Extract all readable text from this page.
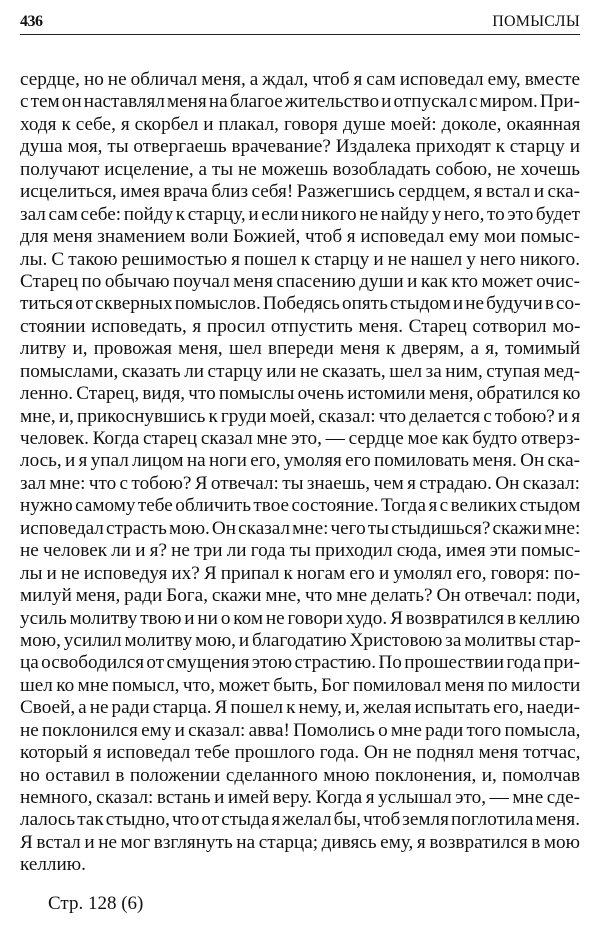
436	ПОМЫСЛЫ
сердце, но не обличал меня, а ждал, чтоб я сам исповедал ему, вместе
с тем он наставлял меня на благое жительство и отпускал с миром. При-
ходя к себе, я скорбел и плакал, говоря душе моей: доколе, окаянная
душа моя, ты отвергаешь врачевание? Издалека приходят к старцу и
получают исцеление, а ты не можешь возобладать собою, не хочешь
исцелиться, имея врача близ себя! Разжегшись сердцем, я встал и ска-
зал сам себе: пойду к старцу, и если никого не найду у него, то это будет
для меня знамением воли Божией, чтоб я исповедал ему мои помыс-
лы. С такою решимостью я пошел к старцу и не нашел у него никого.
Старец по обычаю поучал меня спасению души и как кто может очис-
титься от скверных помыслов. Победясь опять стыдом и не будучи в со-
стоянии исповедать, я просил отпустить меня. Старец сотворил мо-
литву и, провожая меня, шел впереди меня к дверям, а я, томимый
помыслами, сказать ли старцу или не сказать, шел за ним, ступая мед-
ленно. Старец, видя, что помыслы очень истомили меня, обратился ко
мне, и, прикоснувшись к груди моей, сказал: что делается с тобою? и я
человек. Когда старец сказал мне это, — сердце мое как будто отверз-
лось, и я упал лицом на ноги его, умоляя его помиловать меня. Он ска-
зал мне: что с тобою? Я отвечал: ты знаешь, чем я страдаю. Он сказал:
нужно самому тебе обличить твое состояние. Тогда я с великих стыдом
исповедал страсть мою. Он сказал мне: чего ты стыдишься? скажи мне:
не человек ли и я? не три ли года ты приходил сюда, имея эти помыс-
лы и не исповедуя их? Я припал к ногам его и умолял его, говоря: по-
милуй меня, ради Бога, скажи мне, что мне делать? Он отвечал: поди,
усиль молитву твою и ни о ком не говори худо. Я возвратился в келлию
мою, усилил молитву мою, и благодатию Христовою за молитвы стар-
ца освободился от смущения этою страстию. По прошествии года при-
шел ко мне помысл, что, может быть, Бог помиловал меня по милости
Своей, а не ради старца. Я пошел к нему, и, желая испытать его, наеди-
не поклонился ему и сказал: авва! Помолись о мне ради того помысла,
который я исповедал тебе прошлого года. Он не поднял меня тотчас,
но оставил в положении сделанного мною поклонения, и, помолчав
немного, сказал: встань и имей веру. Когда я услышал это, — мне сде-
лалось так стыдно, что от стыда я желал бы, чтоб земля поглотила меня.
Я встал и не мог взглянуть на старца; дивясь ему, я возвратился в мою
келлию.
Стр. 128 (6)
